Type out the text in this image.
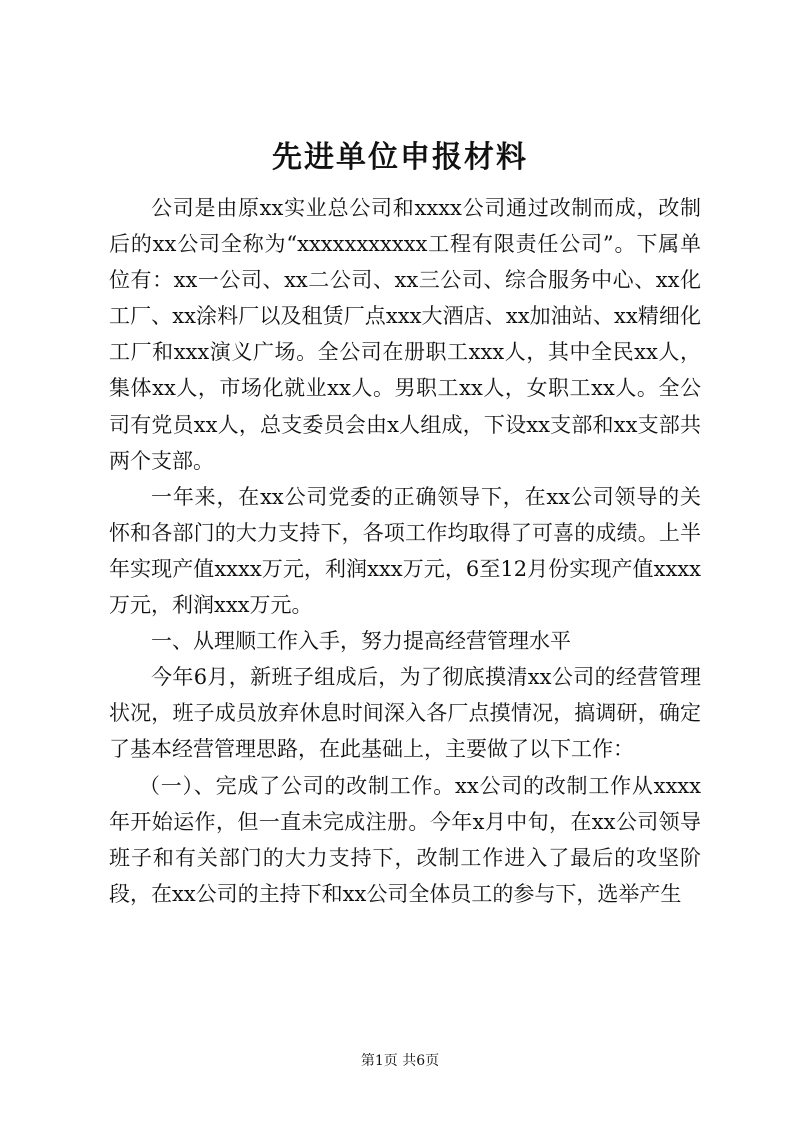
先进单位申报材料

公司是由原xx实业总公司和xxxx公司通过改制而成，改制后的xx公司全称为“xxxxxxxxxxx工程有限责任公司”。下属单位有：xx一公司、xx二公司、xx三公司、综合服务中心、xx化工厂、xx涂料厂以及租赁厂点xxx大酒店、xx加油站、xx精细化工厂和xxx演义广场。全公司在册职工xxx人，其中全民xx人，集体xx人，市场化就业xx人。男职工xx人，女职工xx人。全公司有党员xx人，总支委员会由x人组成，下设xx支部和xx支部共两个支部。

一年来，在xx公司党委的正确领导下，在xx公司领导的关怀和各部门的大力支持下，各项工作均取得了可喜的成绩。上半年实现产值xxxx万元，利润xxx万元，6至12月份实现产值xxxx万元，利润xxx万元。

一、从理顺工作入手，努力提高经营管理水平

今年6月，新班子组成后，为了彻底摸清xx公司的经营管理状况，班子成员放弃休息时间深入各厂点摸情况，搞调研，确定了基本经营管理思路，在此基础上，主要做了以下工作：

（一）、完成了公司的改制工作。xx公司的改制工作从xxxx年开始运作，但一直未完成注册。今年x月中旬，在xx公司领导班子和有关部门的大力支持下，改制工作进入了最后的攻坚阶段，在xx公司的主持下和xx公司全体员工的参与下，选举产生

第1页 共6页
